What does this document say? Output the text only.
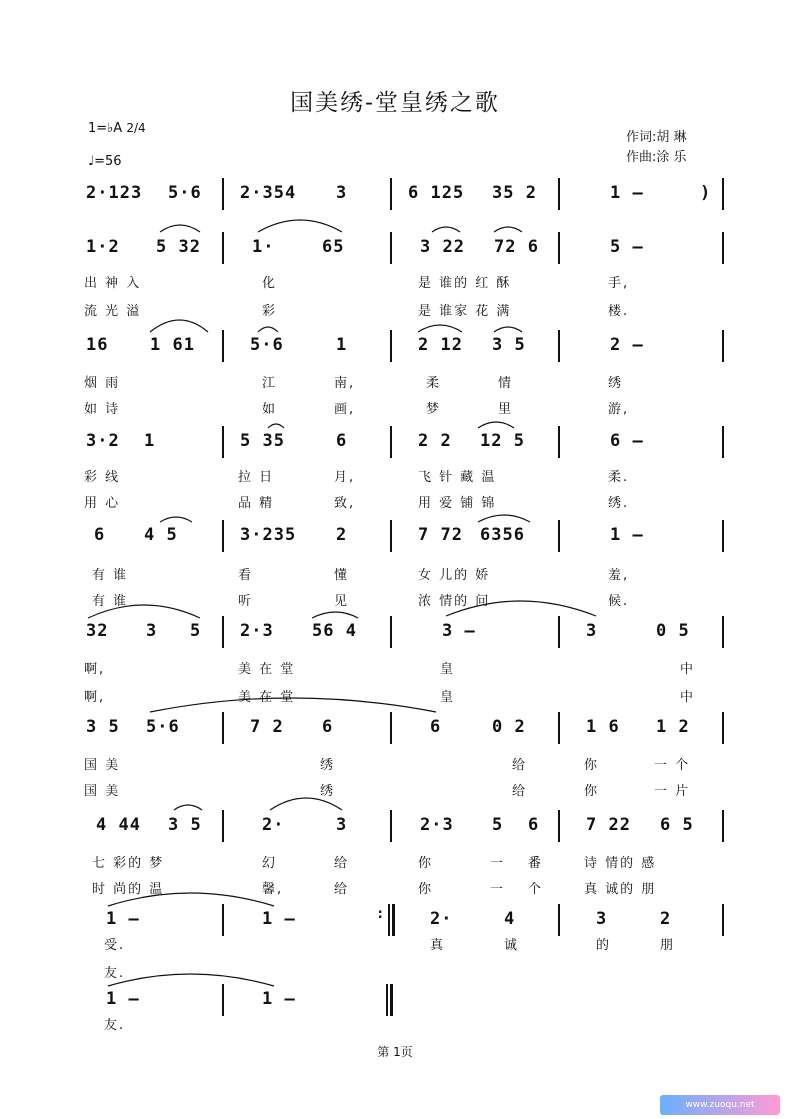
国美绣-堂皇绣之歌
1=♭A 2/4
♩=56
作词:胡 琳
作曲:涂 乐
2·123 5·6 2·354 3	6 125 35 2	1 –	)
1·2 5 32	1·	65	3 22 72 6	5 –
出 神 入	化	是 谁的 红 酥	手,
流 光 溢	彩	是 谁家 花 满	楼.
16 1 61	5·6	1	2 12 3 5	2 –
烟 雨	江	南,	柔	情	绣
如 诗	如	画,	梦	里	游,
3·2 1	5 35	6	2 2 12 5	6 –
彩 线	拉 日	月,	飞 针 藏 温	柔.
用 心	品 精	致,	用 爱 铺 锦	绣.
6 4 5	3·235 2	7 72 6356	1 –
有 谁	看	懂	女 儿的 娇	羞,
有 谁	听	见	浓 情的 问	候.
32 3 5 2·3 56 4	3 –	3	0 5
啊,	美 在 堂	皇	中
啊,	美 在 堂	皇	中
3 5 5·6	7 2 6	6	0 2	1 6 1 2
国 美	绣	给	你	一 个
国 美	绣	给	你	一 片
4 44 3 5	2·	3	2·3 5 6	7 22 6 5
七 彩的 梦	幻	给	你	一 番	诗 情的 感
时 尚的 温	馨,	给	你	一 个	真 诚的 朋
1 –	1 –	:	2·	4	3	2
受.	真	诚	的	朋
友.
1 –	1 –
友.
第 1页
www.zuoqu.net
